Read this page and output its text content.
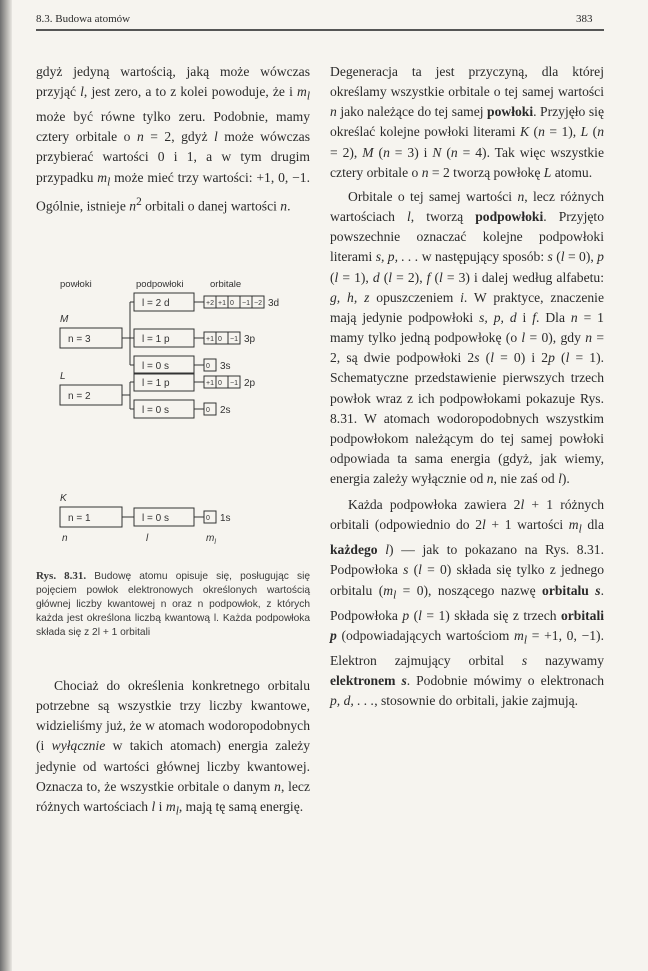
8.3. Budowa atomów	383

gdyż jedyną wartością, jaką może wówczas przyjąć l, jest zero, a to z kolei powoduje, że i $m_l$ może być równe tylko zeru. Podobnie, mamy cztery orbitale o n = 2, gdyż l może wówczas przybierać wartości 0 i 1, a w tym drugim przypadku $m_l$ może mieć trzy wartości: +1, 0, −1. Ogólnie, istnieje $n^2$ orbitali o danej wartości n.

powłoki	podpowłoki	orbitale
M
n = 3
l = 2 d	+2 +1 0 −1 −2 3d
l = 1 p	+1 0 −1 3p
l = 0 s	0 3s
L
n = 2
l = 1 p	+1 0 −1 2p
l = 0 s	0 2s
K
n = 1	l = 0 s	0 1s
n	l	$m_l$
Rys. 8.31. Budowę atomu opisuje się, posługując się pojęciem powłok elektronowych określonych wartością głównej liczby kwantowej n oraz n podpowłok, z których każda jest określona liczbą kwantową l. Każda podpowłoka składa się z 2l + 1 orbitali

Chociaż do określenia konkretnego orbitalu potrzebne są wszystkie trzy liczby kwantowe, widzieliśmy już, że w atomach wodoropodobnych (i wyłącznie w takich atomach) energia zależy jedynie od wartości głównej liczby kwantowej. Oznacza to, że wszystkie orbitale o danym n, lecz różnych wartościach l i $m_l$, mają tę samą energię.

Degeneracja ta jest przyczyną, dla której określamy wszystkie orbitale o tej samej wartości n jako należące do tej samej powłoki. Przyjęło się określać kolejne powłoki literami K (n = 1), L (n = 2), M (n = 3) i N (n = 4). Tak więc wszystkie cztery orbitale o n = 2 tworzą powłokę L atomu.

Orbitale o tej samej wartości n, lecz różnych wartościach l, tworzą podpowłoki. Przyjęto powszechnie oznaczać kolejne podpowłoki literami s, p, . . . w następujący sposób: s (l = 0), p (l = 1), d (l = 2), f (l = 3) i dalej według alfabetu: g, h, z opuszczeniem i. W praktyce, znaczenie mają jedynie podpowłoki s, p, d i f. Dla n = 1 mamy tylko jedną podpowłokę (o l = 0), gdy n = 2, są dwie podpowłoki 2s (l = 0) i 2p (l = 1). Schematyczne przedstawienie pierwszych trzech powłok wraz z ich podpowłokami pokazuje Rys. 8.31. W atomach wodoropodobnych wszystkim podpowłokom należącym do tej samej powłoki odpowiada ta sama energia (gdyż, jak wiemy, energia zależy wyłącznie od n, nie zaś od l).

Każda podpowłoka zawiera 2l + 1 różnych orbitali (odpowiednio do 2l + 1 wartości $m_l$ dla każdego l) — jak to pokazano na Rys. 8.31. Podpowłoka s (l = 0) składa się tylko z jednego orbitalu $(m_l = 0)$, noszącego nazwę orbitalu s. Podpowłoka p (l = 1) składa się z trzech orbitali p (odpowiadających wartościom $m_l = +1$, 0, −1). Elektron zajmujący orbital s nazywamy elektronem s. Podobnie mówimy o elektronach p, d, . . ., stosownie do orbitali, jakie zajmują.
